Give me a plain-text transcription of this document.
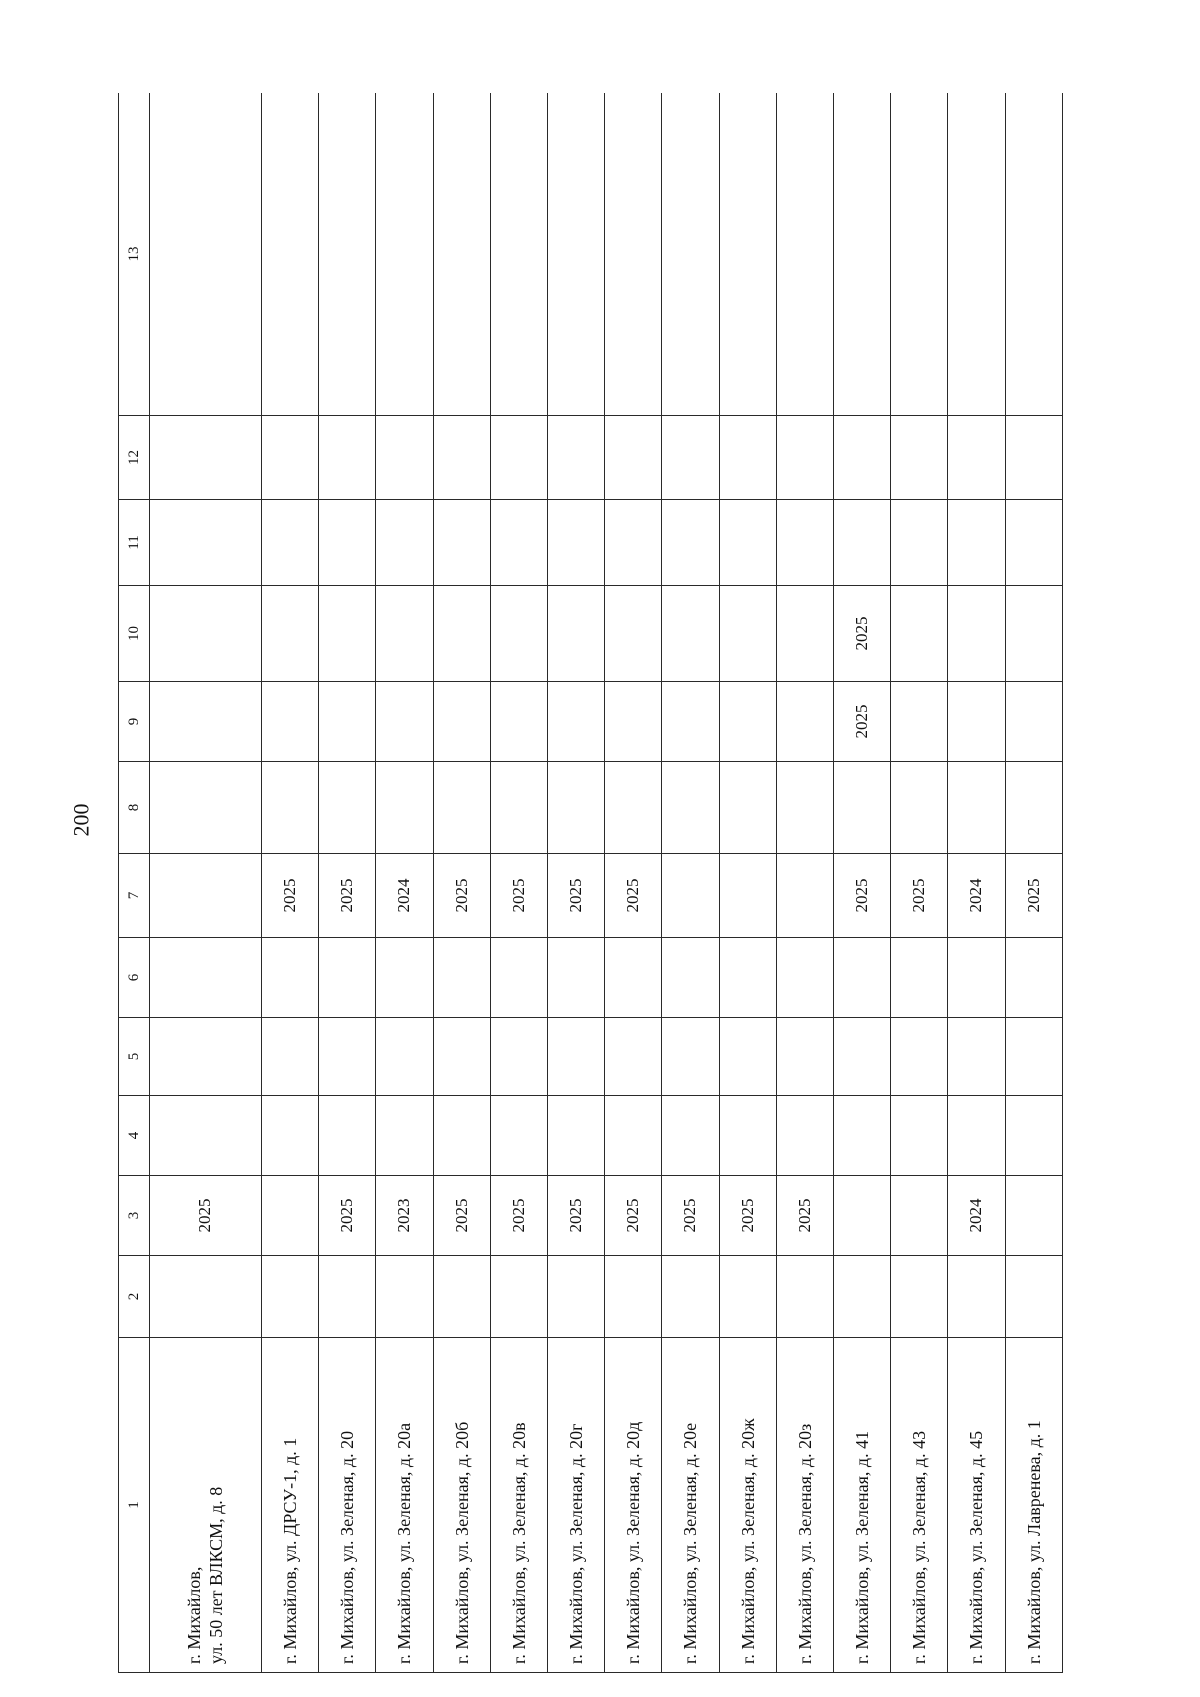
200
1	2	3	4	5	6	7	8	9	10	11	12	13

г. Михайлов, ул. 50 лет ВЛКСМ, д. 8		2025										

г. Михайлов, ул. ДРСУ-1, д. 1						2025						

г. Михайлов, ул. Зеленая, д. 20		2025				2025						

г. Михайлов, ул. Зеленая, д. 20а		2023				2024						

г. Михайлов, ул. Зеленая, д. 20б		2025				2025						

г. Михайлов, ул. Зеленая, д. 20в		2025				2025						

г. Михайлов, ул. Зеленая, д. 20г		2025				2025						

г. Михайлов, ул. Зеленая, д. 20д		2025				2025						

г. Михайлов, ул. Зеленая, д. 20е		2025										

г. Михайлов, ул. Зеленая, д. 20ж		2025										

г. Михайлов, ул. Зеленая, д. 20з		2025										

г. Михайлов, ул. Зеленая, д. 41						2025		2025	2025			

г. Михайлов, ул. Зеленая, д. 43						2025						

г. Михайлов, ул. Зеленая, д. 45		2024				2024						

г. Михайлов, ул. Лавренева, д. 1						2025						
